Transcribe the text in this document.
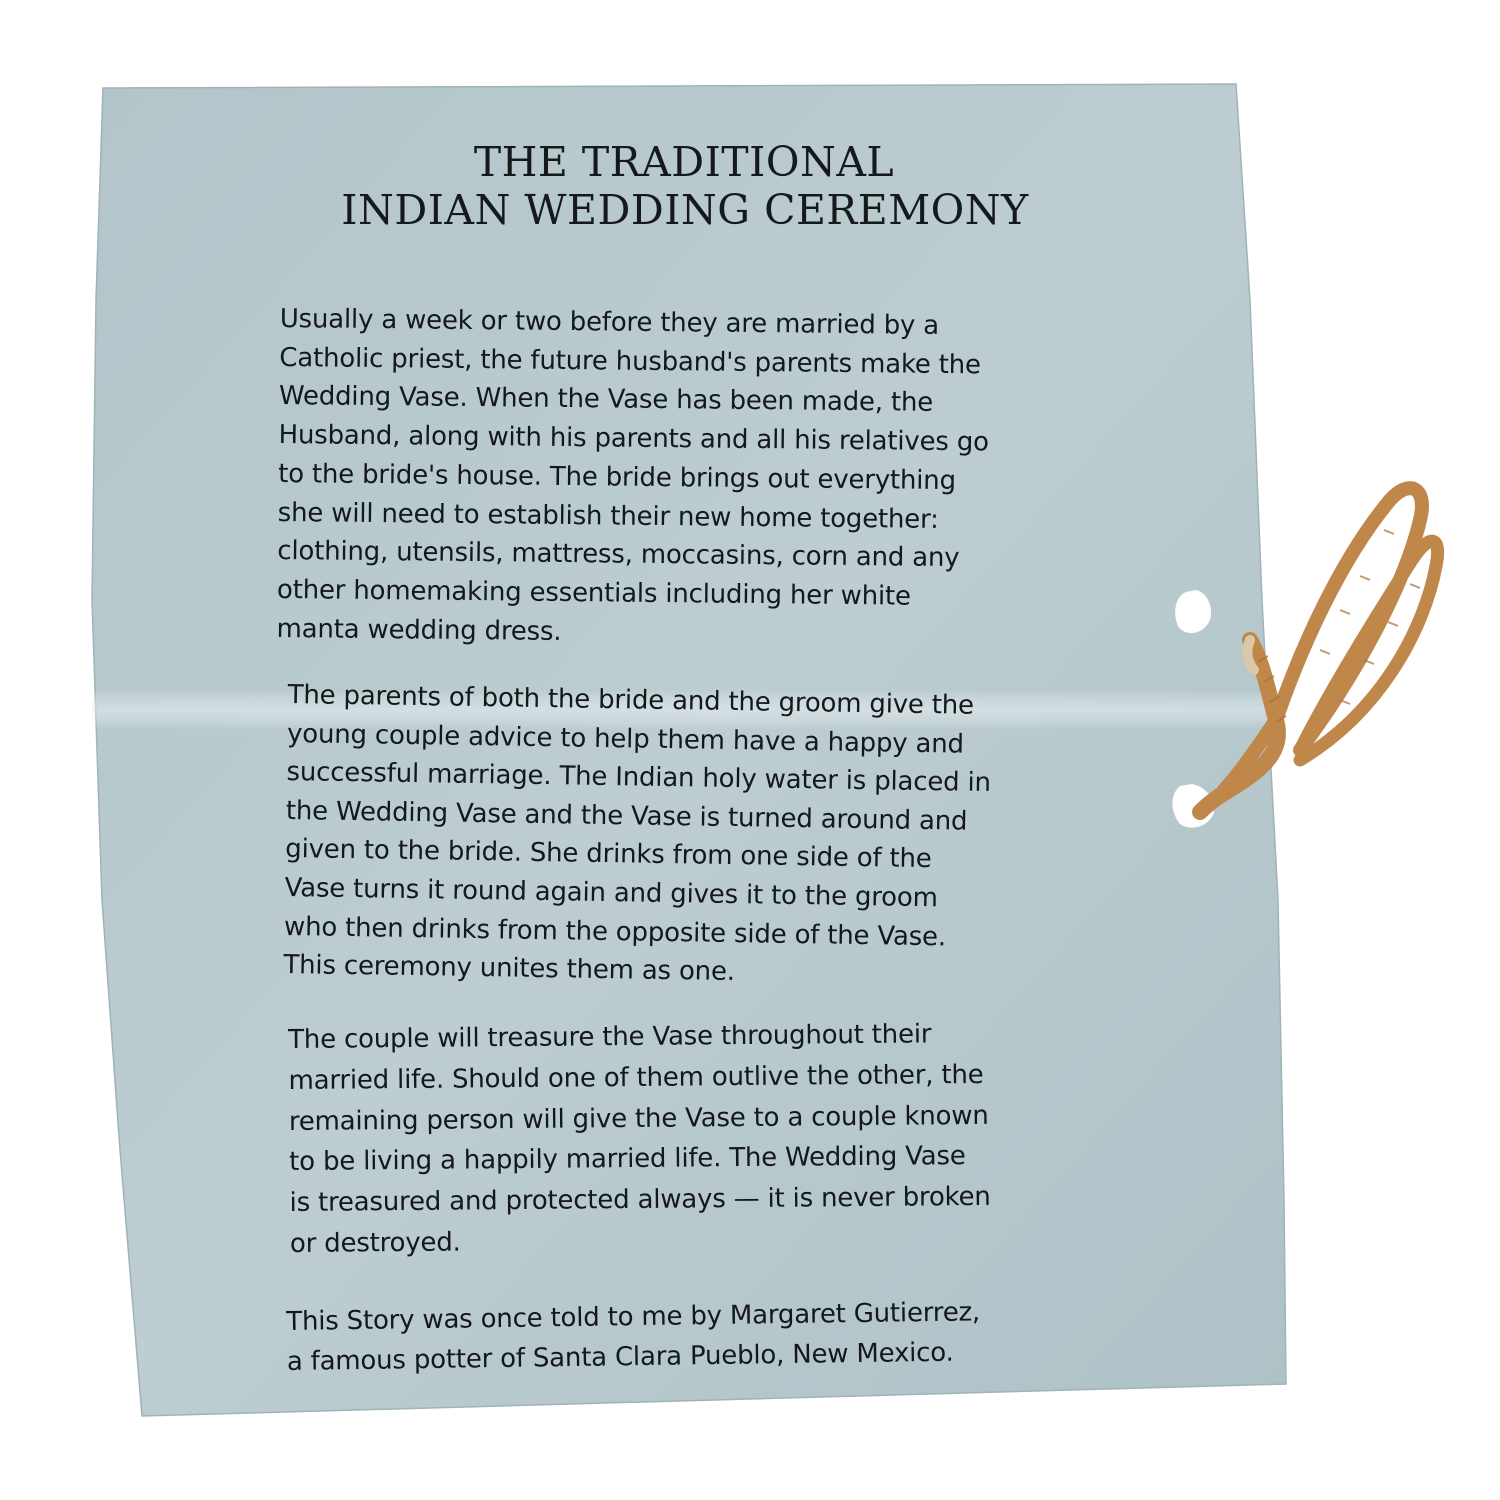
THE TRADITIONAL
INDIAN WEDDING CEREMONY

Usually a week or two before they are married by a
Catholic priest, the future husband's parents make the
Wedding Vase. When the Vase has been made, the
Husband, along with his parents and all his relatives go
to the bride's house. The bride brings out everything
she will need to establish their new home together:
clothing, utensils, mattress, moccasins, corn and any
other homemaking essentials including her white
manta wedding dress.

The parents of both the bride and the groom give the
young couple advice to help them have a happy and
successful marriage. The Indian holy water is placed in
the Wedding Vase and the Vase is turned around and
given to the bride. She drinks from one side of the
Vase turns it round again and gives it to the groom
who then drinks from the opposite side of the Vase.
This ceremony unites them as one.

The couple will treasure the Vase throughout their
married life. Should one of them outlive the other, the
remaining person will give the Vase to a couple known
to be living a happily married life. The Wedding Vase
is treasured and protected always — it is never broken
or destroyed.

This Story was once told to me by Margaret Gutierrez,
a famous potter of Santa Clara Pueblo, New Mexico.
